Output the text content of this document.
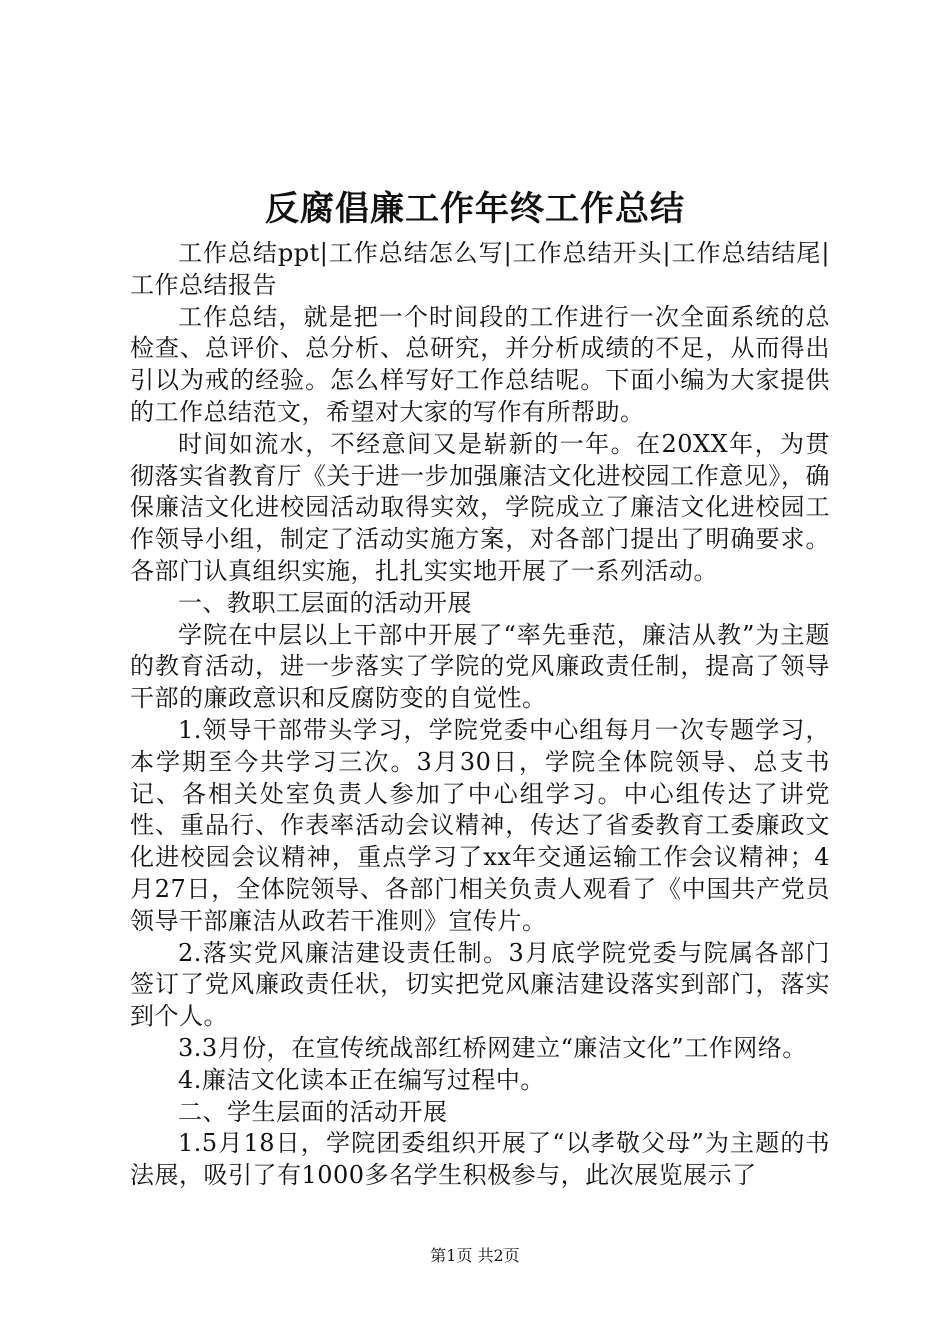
反腐倡廉工作年终工作总结

工作总结ppt|工作总结怎么写|工作总结开头|工作总结结尾|工作总结报告

工作总结，就是把一个时间段的工作进行一次全面系统的总检查、总评价、总分析、总研究，并分析成绩的不足，从而得出引以为戒的经验。怎么样写好工作总结呢。下面小编为大家提供的工作总结范文，希望对大家的写作有所帮助。

时间如流水，不经意间又是崭新的一年。在20XX年，为贯彻落实省教育厅《关于进一步加强廉洁文化进校园工作意见》，确保廉洁文化进校园活动取得实效，学院成立了廉洁文化进校园工作领导小组，制定了活动实施方案，对各部门提出了明确要求。各部门认真组织实施，扎扎实实地开展了一系列活动。

一、教职工层面的活动开展

学院在中层以上干部中开展了“率先垂范，廉洁从教”为主题的教育活动，进一步落实了学院的党风廉政责任制，提高了领导干部的廉政意识和反腐防变的自觉性。

1.领导干部带头学习，学院党委中心组每月一次专题学习，本学期至今共学习三次。3月30日，学院全体院领导、总支书记、各相关处室负责人参加了中心组学习。中心组传达了讲党性、重品行、作表率活动会议精神，传达了省委教育工委廉政文化进校园会议精神，重点学习了xx年交通运输工作会议精神；4月27日，全体院领导、各部门相关负责人观看了《中国共产党员领导干部廉洁从政若干准则》宣传片。

2.落实党风廉洁建设责任制。3月底学院党委与院属各部门签订了党风廉政责任状，切实把党风廉洁建设落实到部门，落实到个人。

3.3月份，在宣传统战部红桥网建立“廉洁文化”工作网络。

4.廉洁文化读本正在编写过程中。

二、学生层面的活动开展

1.5月18日，学院团委组织开展了“以孝敬父母”为主题的书法展，吸引了有1000多名学生积极参与，此次展览展示了

第1页 共2页
